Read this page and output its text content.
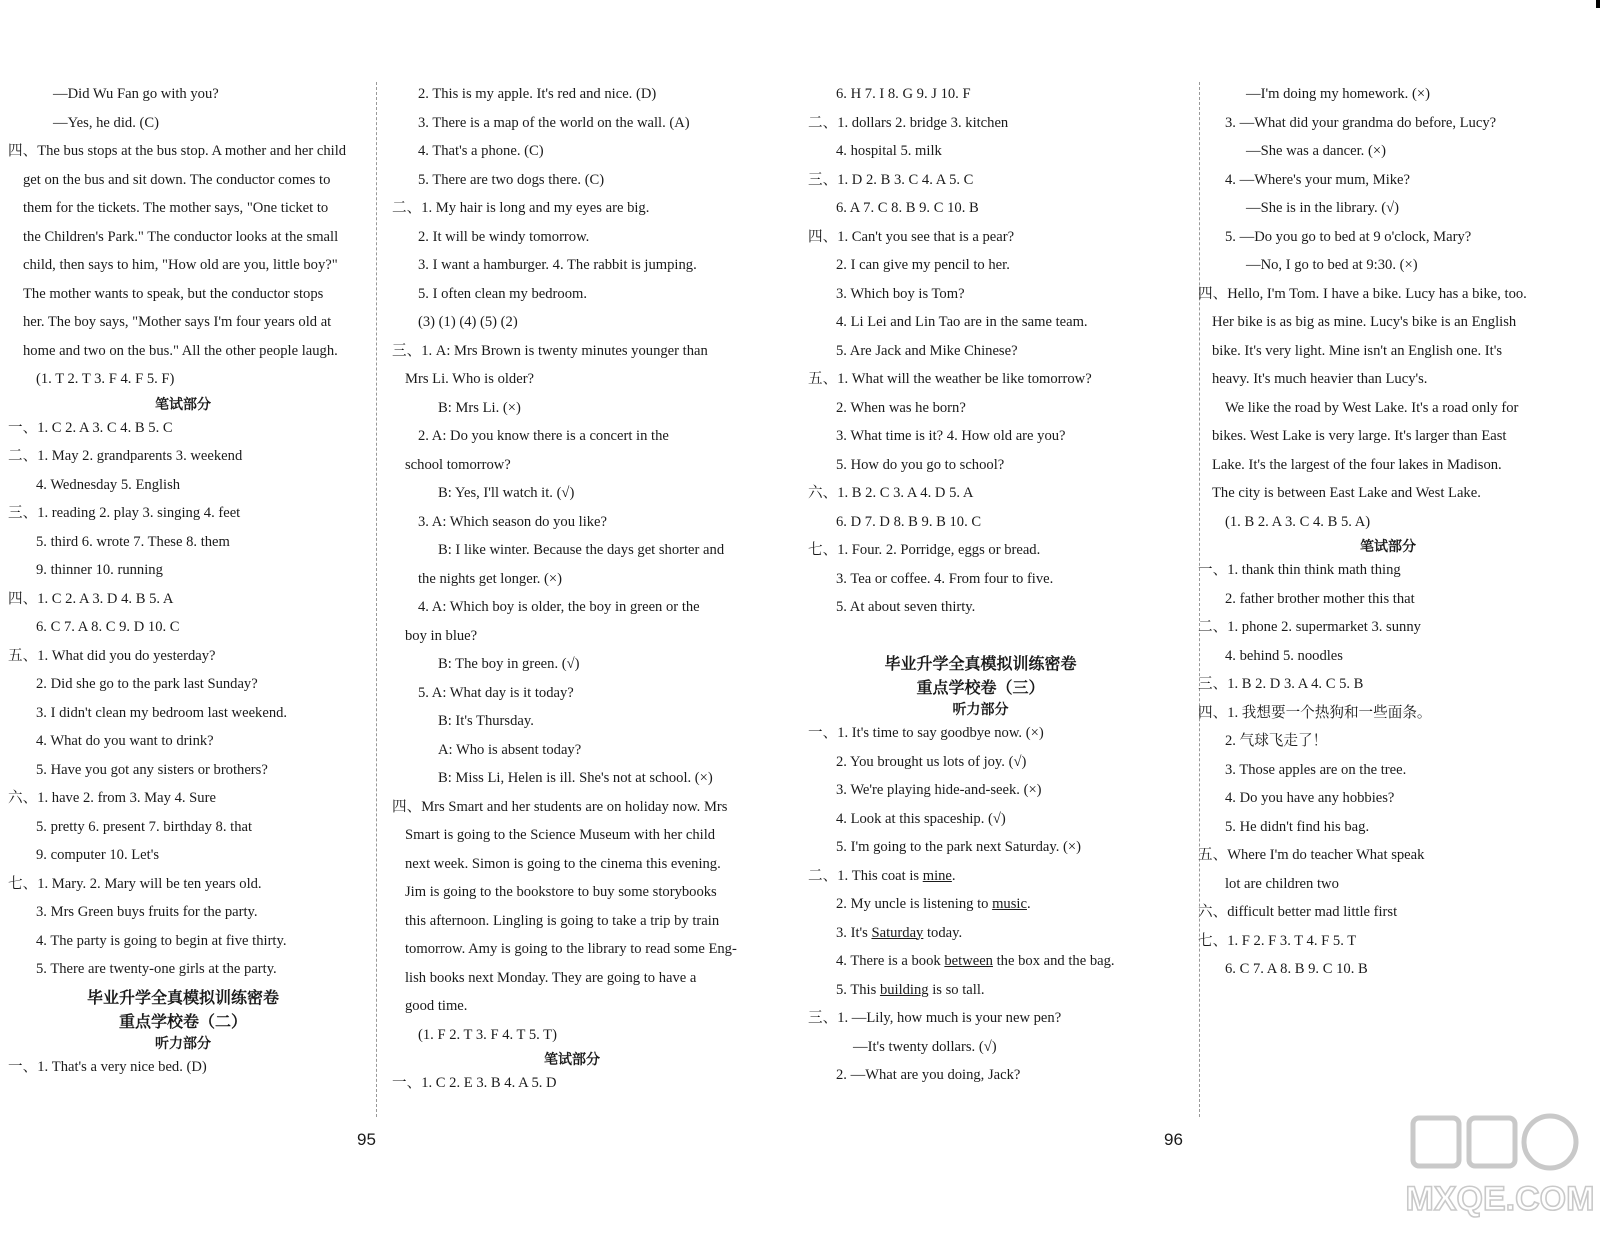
—Did Wu Fan go with you?
—Yes, he did. (C)
四、The bus stops at the bus stop. A mother and her child
get on the bus and sit down. The conductor comes to
them for the tickets. The mother says, "One ticket to
the Children's Park." The conductor looks at the small
child, then says to him, "How old are you, little boy?"
The mother wants to speak, but the conductor stops
her. The boy says, "Mother says I'm four years old at
home and two on the bus." All the other people laugh.
(1. T 2. T 3. F 4. F 5. F)
笔试部分
一、1. C 2. A 3. C 4. B 5. C
二、1. May 2. grandparents 3. weekend
4. Wednesday 5. English
三、1. reading 2. play 3. singing 4. feet
5. third 6. wrote 7. These 8. them
9. thinner 10. running
四、1. C 2. A 3. D 4. B 5. A
6. C 7. A 8. C 9. D 10. C
五、1. What did you do yesterday?
2. Did she go to the park last Sunday?
3. I didn't clean my bedroom last weekend.
4. What do you want to drink?
5. Have you got any sisters or brothers?
六、1. have 2. from 3. May 4. Sure
5. pretty 6. present 7. birthday 8. that
9. computer 10. Let's
七、1. Mary. 2. Mary will be ten years old.
3. Mrs Green buys fruits for the party.
4. The party is going to begin at five thirty.
5. There are twenty-one girls at the party.
毕业升学全真模拟训练密卷
重点学校卷（二）
听力部分
一、1. That's a very nice bed. (D)
2. This is my apple. It's red and nice. (D)
3. There is a map of the world on the wall. (A)
4. That's a phone. (C)
5. There are two dogs there. (C)
二、1. My hair is long and my eyes are big.
2. It will be windy tomorrow.
3. I want a hamburger. 4. The rabbit is jumping.
5. I often clean my bedroom.
(3) (1) (4) (5) (2)
三、1. A: Mrs Brown is twenty minutes younger than
Mrs Li. Who is older?
B: Mrs Li. (×)
2. A: Do you know there is a concert in the
school tomorrow?
B: Yes, I'll watch it. (√)
3. A: Which season do you like?
B: I like winter. Because the days get shorter and
the nights get longer. (×)
4. A: Which boy is older, the boy in green or the
boy in blue?
B: The boy in green. (√)
5. A: What day is it today?
B: It's Thursday.
A: Who is absent today?
B: Miss Li, Helen is ill. She's not at school. (×)
四、Mrs Smart and her students are on holiday now. Mrs
Smart is going to the Science Museum with her child
next week. Simon is going to the cinema this evening.
Jim is going to the bookstore to buy some storybooks
this afternoon. Lingling is going to take a trip by train
tomorrow. Amy is going to the library to read some Eng-
lish books next Monday. They are going to have a
good time.
(1. F 2. T 3. F 4. T 5. T)
笔试部分
一、1. C 2. E 3. B 4. A 5. D
6. H 7. I 8. G 9. J 10. F
二、1. dollars 2. bridge 3. kitchen
4. hospital 5. milk
三、1. D 2. B 3. C 4. A 5. C
6. A 7. C 8. B 9. C 10. B
四、1. Can't you see that is a pear?
2. I can give my pencil to her.
3. Which boy is Tom?
4. Li Lei and Lin Tao are in the same team.
5. Are Jack and Mike Chinese?
五、1. What will the weather be like tomorrow?
2. When was he born?
3. What time is it? 4. How old are you?
5. How do you go to school?
六、1. B 2. C 3. A 4. D 5. A
6. D 7. D 8. B 9. B 10. C
七、1. Four. 2. Porridge, eggs or bread.
3. Tea or coffee. 4. From four to five.
5. At about seven thirty.
毕业升学全真模拟训练密卷
重点学校卷（三）
听力部分
一、1. It's time to say goodbye now. (×)
2. You brought us lots of joy. (√)
3. We're playing hide-and-seek. (×)
4. Look at this spaceship. (√)
5. I'm going to the park next Saturday. (×)
二、1. This coat is mine.
2. My uncle is listening to music.
3. It's Saturday today.
4. There is a book between the box and the bag.
5. This building is so tall.
三、1. —Lily, how much is your new pen?
—It's twenty dollars. (√)
2. —What are you doing, Jack?
—I'm doing my homework. (×)
3. —What did your grandma do before, Lucy?
—She was a dancer. (×)
4. —Where's your mum, Mike?
—She is in the library. (√)
5. —Do you go to bed at 9 o'clock, Mary?
—No, I go to bed at 9:30. (×)
四、Hello, I'm Tom. I have a bike. Lucy has a bike, too.
Her bike is as big as mine. Lucy's bike is an English
bike. It's very light. Mine isn't an English one. It's
heavy. It's much heavier than Lucy's.
We like the road by West Lake. It's a road only for
bikes. West Lake is very large. It's larger than East
Lake. It's the largest of the four lakes in Madison.
The city is between East Lake and West Lake.
(1. B 2. A 3. C 4. B 5. A)
笔试部分
一、1. thank thin think math thing
2. father brother mother this that
二、1. phone 2. supermarket 3. sunny
4. behind 5. noodles
三、1. B 2. D 3. A 4. C 5. B
四、1. 我想要一个热狗和一些面条。
2. 气球飞走了！
3. Those apples are on the tree.
4. Do you have any hobbies?
5. He didn't find his bag.
五、Where I'm do teacher What speak
lot are children two
六、difficult better mad little first
七、1. F 2. F 3. T 4. F 5. T
6. C 7. A 8. B 9. C 10. B
95	96
MXQE.COM
